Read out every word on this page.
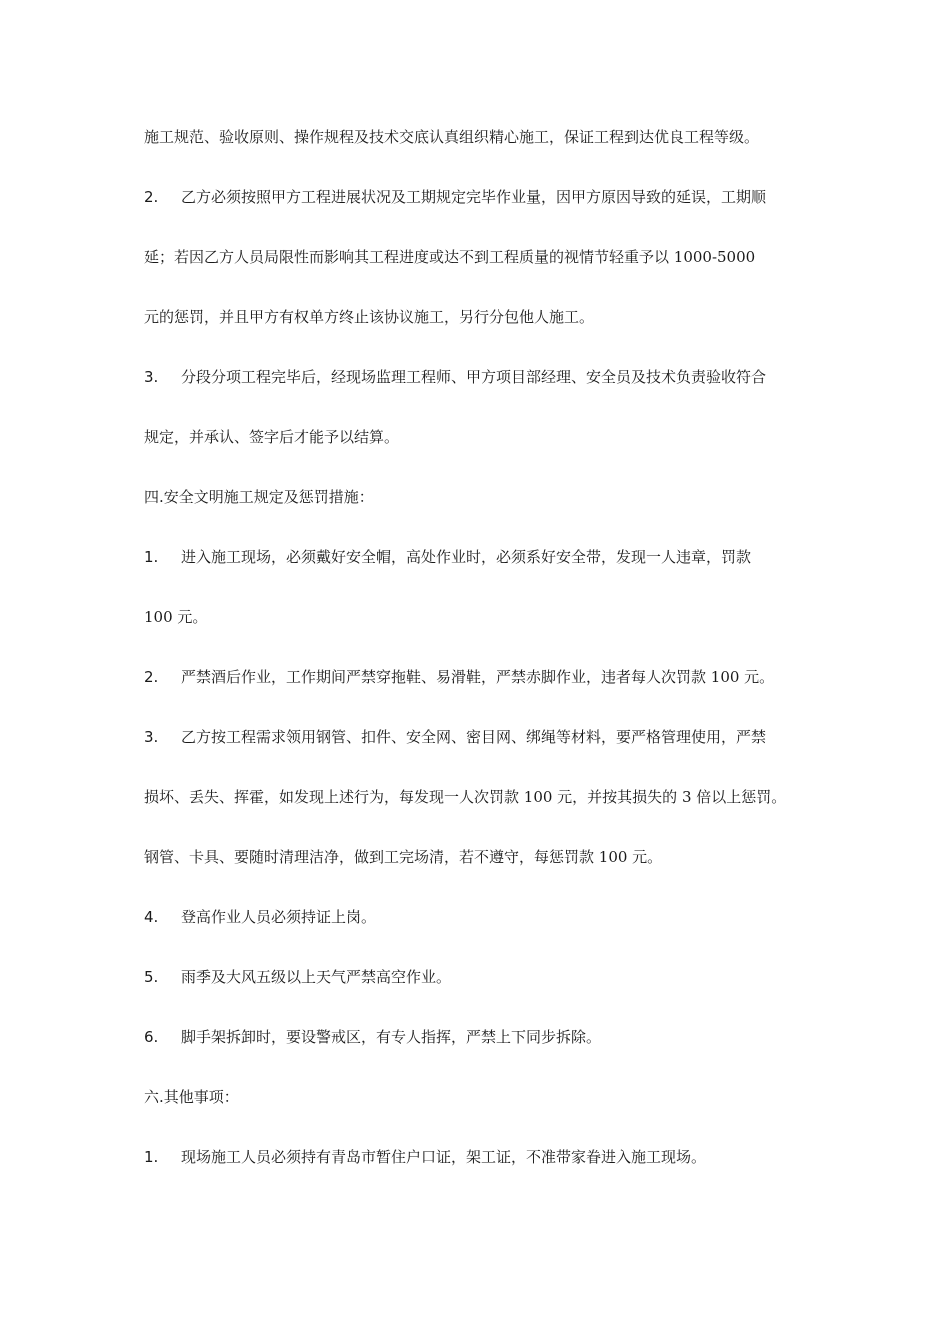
施工规范、验收原则、操作规程及技术交底认真组织精心施工，保证工程到达优良工程等级。
2. 乙方必须按照甲方工程进展状况及工期规定完毕作业量，因甲方原因导致的延误，工期顺
延；若因乙方人员局限性而影响其工程进度或达不到工程质量的视情节轻重予以 1000-5000
元的惩罚，并且甲方有权单方终止该协议施工，另行分包他人施工。
3. 分段分项工程完毕后，经现场监理工程师、甲方项目部经理、安全员及技术负责验收符合
规定，并承认、签字后才能予以结算。
四.安全文明施工规定及惩罚措施：
1. 进入施工现场，必须戴好安全帽，高处作业时，必须系好安全带，发现一人违章，罚款
100 元。
2. 严禁酒后作业，工作期间严禁穿拖鞋、易滑鞋，严禁赤脚作业，违者每人次罚款 100 元。
3. 乙方按工程需求领用钢管、扣件、安全网、密目网、绑绳等材料，要严格管理使用，严禁
损坏、丢失、挥霍，如发现上述行为，每发现一人次罚款 100 元，并按其损失的 3 倍以上惩罚。
钢管、卡具、要随时清理洁净，做到工完场清，若不遵守，每惩罚款 100 元。
4. 登高作业人员必须持证上岗。
5. 雨季及大风五级以上天气严禁高空作业。
6. 脚手架拆卸时，要设警戒区，有专人指挥，严禁上下同步拆除。
六.其他事项：
1. 现场施工人员必须持有青岛市暂住户口证，架工证，不准带家眷进入施工现场。
